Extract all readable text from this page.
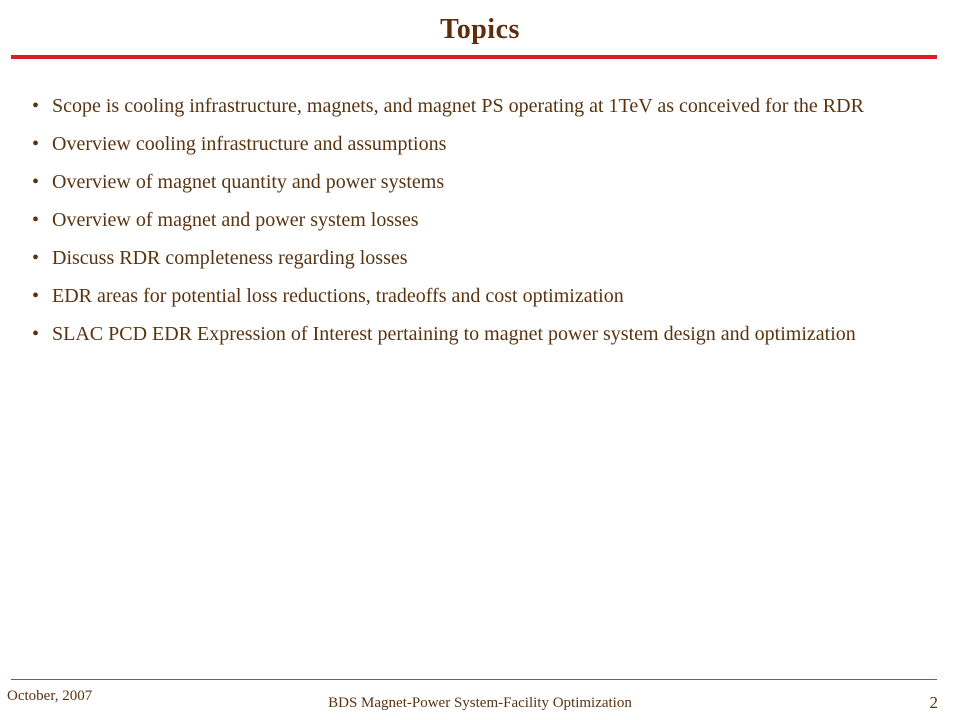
Topics
• Scope is cooling infrastructure, magnets, and magnet PS operating at 1TeV as conceived for the RDR
• Overview cooling infrastructure and assumptions
• Overview of magnet quantity and power systems
• Overview of magnet and power system losses
• Discuss RDR completeness regarding losses
• EDR areas for potential loss reductions, tradeoffs and cost optimization
• SLAC PCD EDR Expression of Interest pertaining to magnet power system design and optimization
October, 2007	BDS Magnet-Power System-Facility Optimization	2
